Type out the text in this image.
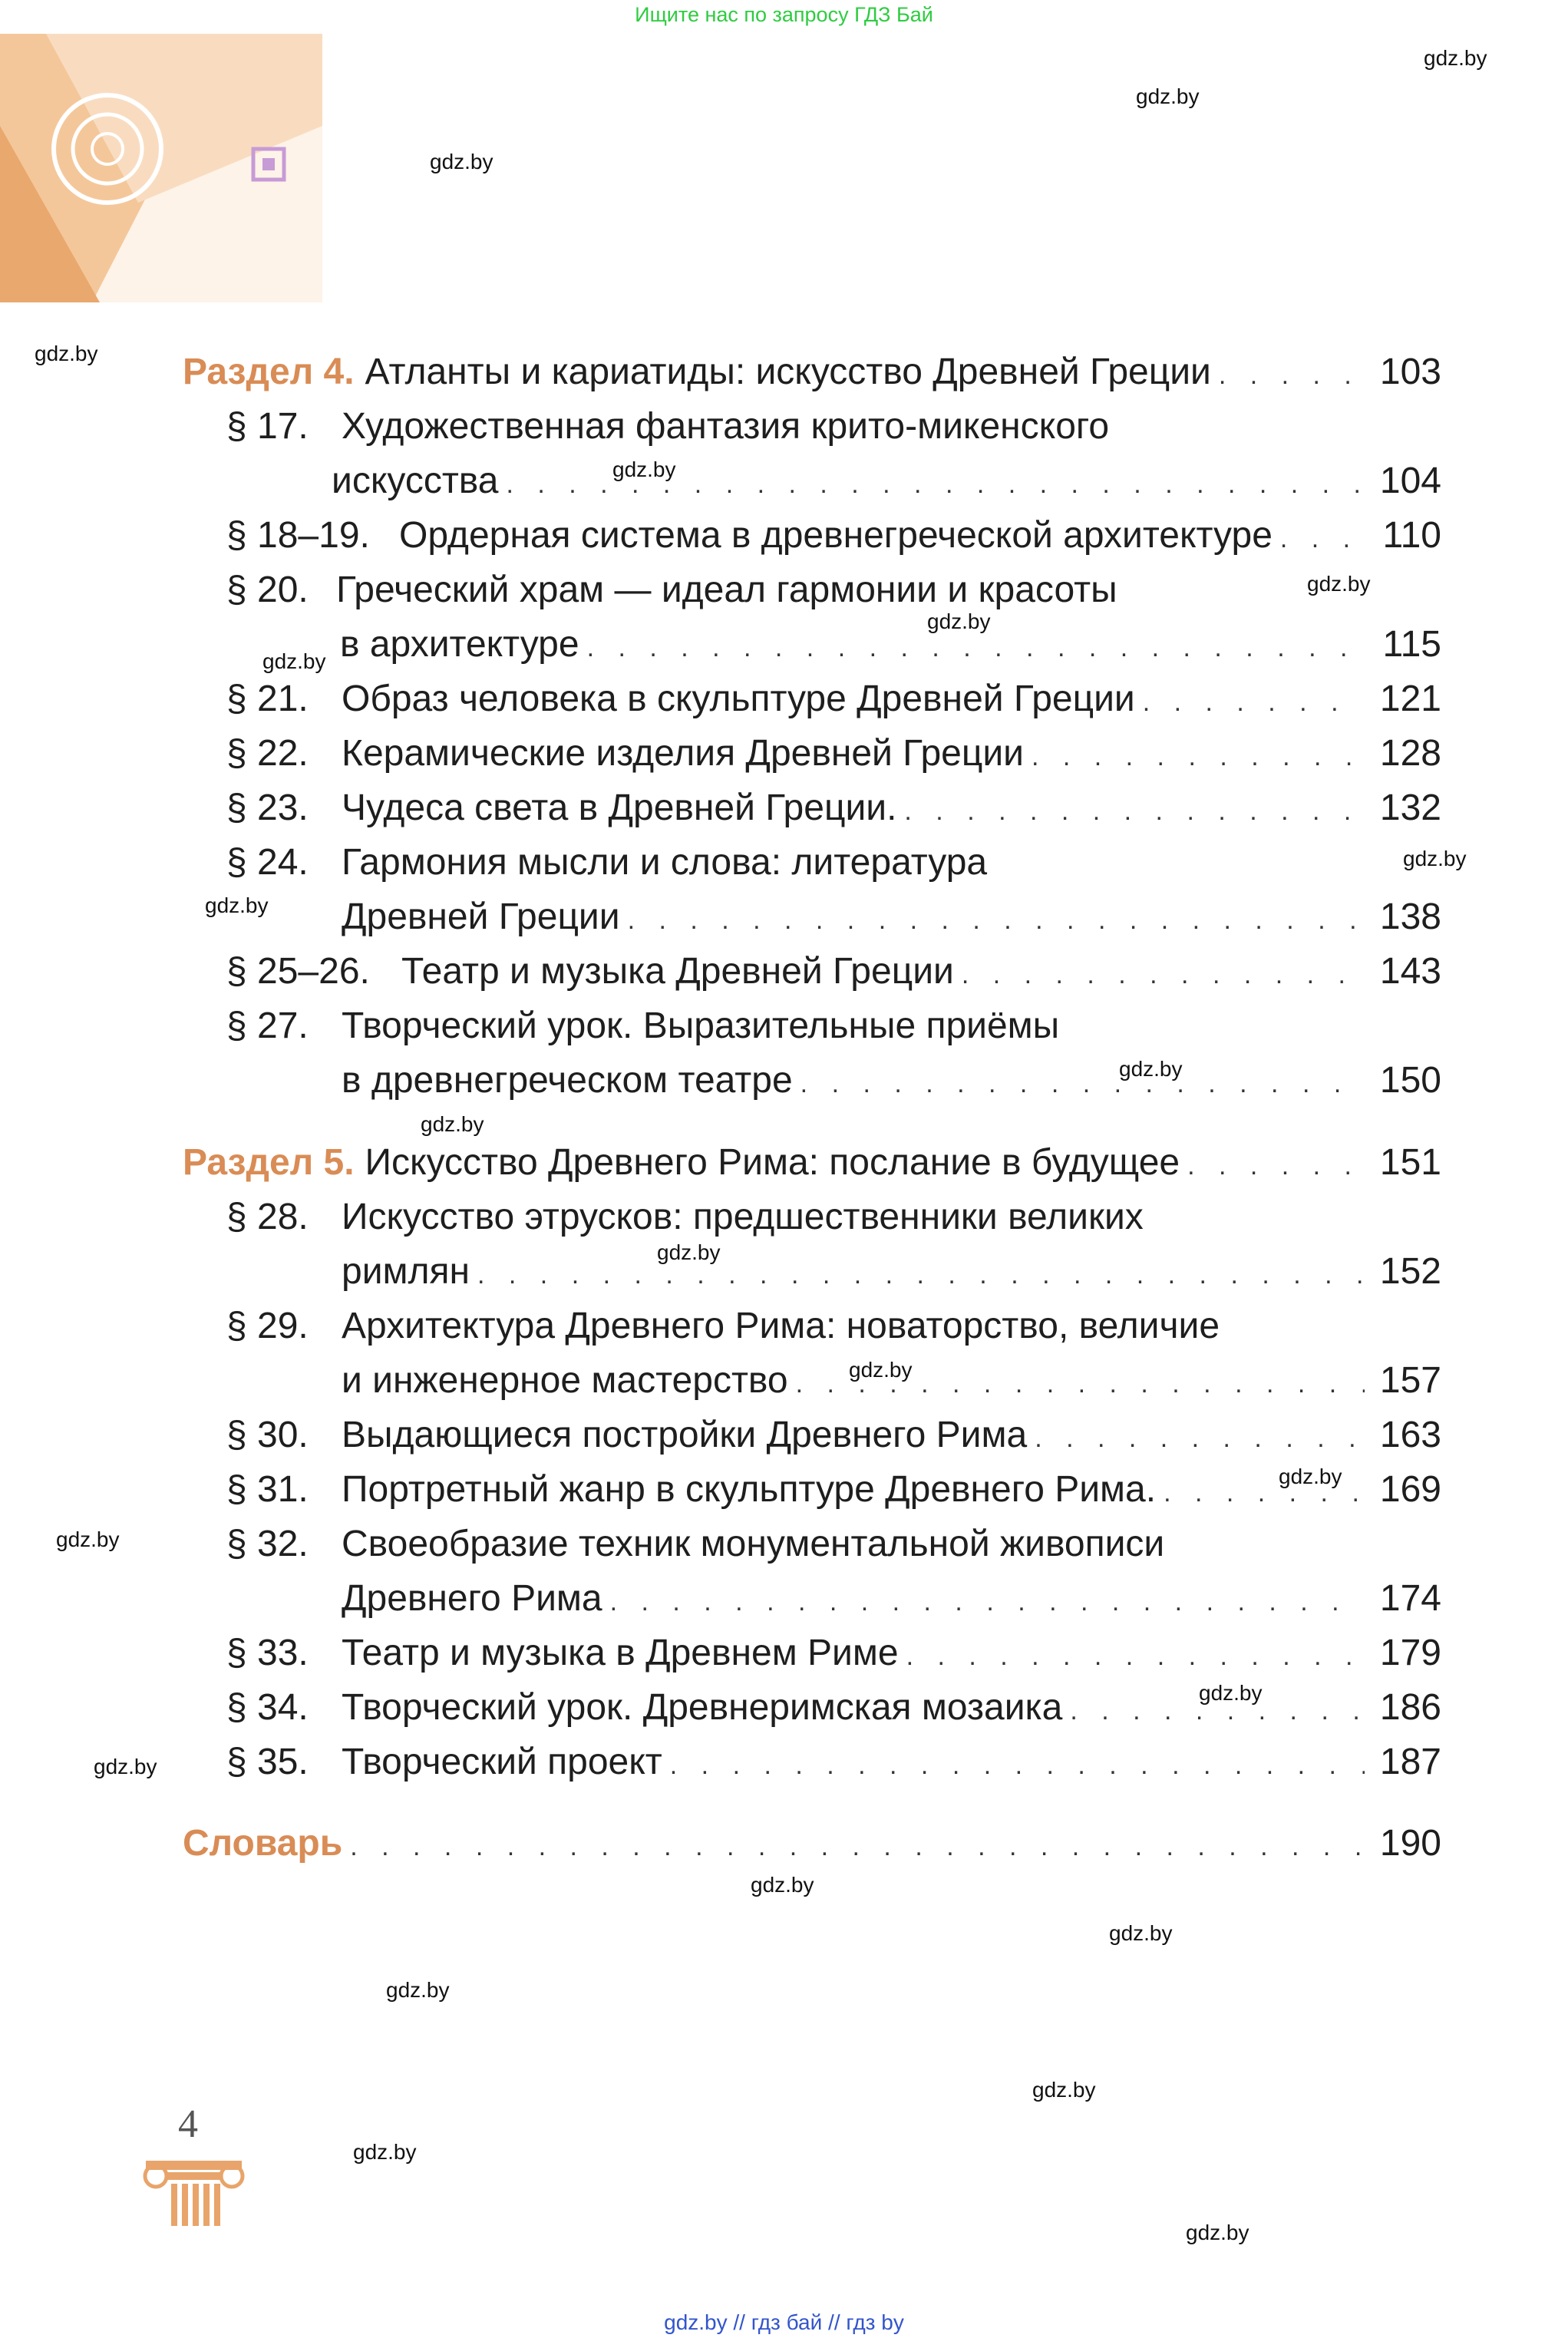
Ищите нас по запросу ГДЗ Бай
gdz.by
gdz.by
gdz.by
gdz.by
gdz.by
gdz.by
gdz.by
gdz.by
gdz.by
gdz.by
gdz.by
gdz.by
gdz.by
gdz.by
gdz.by
gdz.by
gdz.by
gdz.by
gdz.by
gdz.by
gdz.by
gdz.by
gdz.by
gdz.by
Раздел 4. Атланты и кариатиды: искусство Древней Греции . . .	103
§ 17. Художественная фантазия крито-микенского
искусства . . .	104
§ 18–19. Ордерная система в древнегреческой архитектуре . . .	110
§ 20. Греческий храм — идеал гармонии и красоты
в архитектуре . . .	115
§ 21. Образ человека в скульптуре Древней Греции . . .	121
§ 22. Керамические изделия Древней Греции . . .	128
§ 23. Чудеса света в Древней Греции. . . .	132
§ 24. Гармония мысли и слова: литература
Древней Греции . . .	138
§ 25–26. Театр и музыка Древней Греции . . .	143
§ 27. Творческий урок. Выразительные приёмы
в древнегреческом театре . . .	150
Раздел 5. Искусство Древнего Рима: послание в будущее . . .	151
§ 28. Искусство этрусков: предшественники великих
римлян . . .	152
§ 29. Архитектура Древнего Рима: новаторство, величие
и инженерное мастерство . . .	157
§ 30. Выдающиеся постройки Древнего Рима . . .	163
§ 31. Портретный жанр в скульптуре Древнего Рима. . . .	169
§ 32. Своеобразие техник монументальной живописи
Древнего Рима . . .	174
§ 33. Театр и музыка в Древнем Риме . . .	179
§ 34. Творческий урок. Древнеримская мозаика . . .	186
§ 35. Творческий проект . . .	187
Словарь . . .	190
4
gdz.by // гдз бай // гдз by
